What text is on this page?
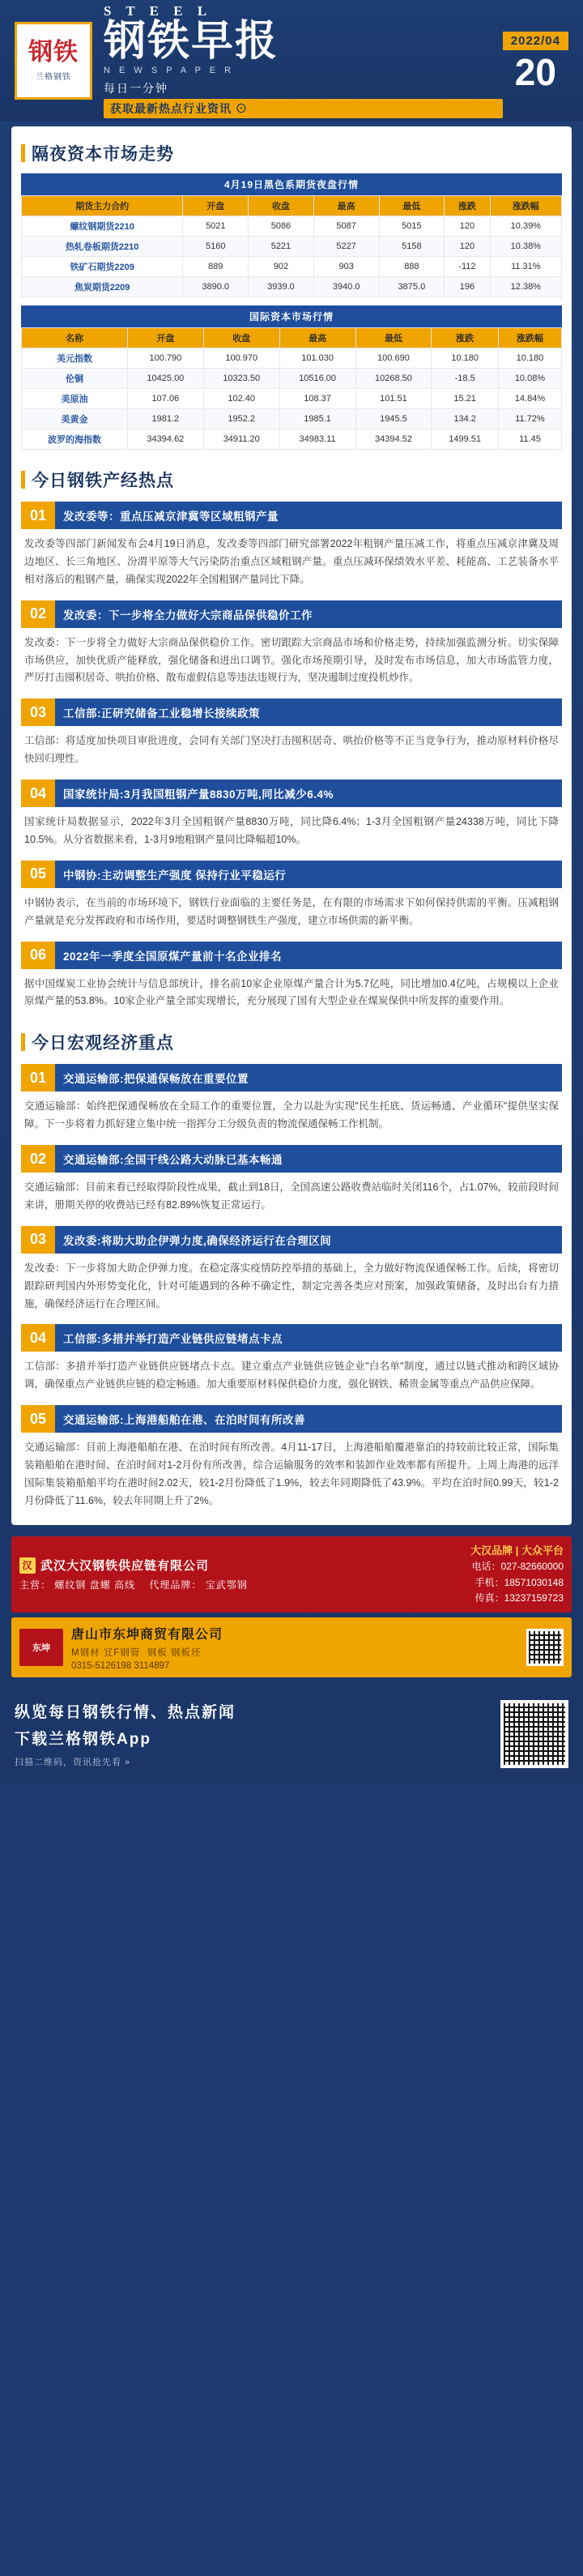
钢铁
兰格钢铁
S T E E L
钢铁早报
N E W S P A P E R
每日一分钟
获取最新热点行业资讯 ⊙
2022/04
20
隔夜资本市场走势
4月19日黑色系期货夜盘行情
期货主力合约	开盘	收盘	最高	最低	涨跌	涨跌幅
螺纹钢期货2210	5021	5086	5087	5015	120	10.39%
热轧卷板期货2210	5160	5221	5227	5158	120	10.38%
铁矿石期货2209	889	902	903	888	-112	11.31%
焦炭期货2209	3890.0	3939.0	3940.0	3875.0	196	12.38%
国际资本市场行情
名称	开盘	收盘	最高	最低	涨跌	涨跌幅
美元指数	100.790	100.970	101.030	100.690	10.180	10.180
伦铜	10425.00	10323.50	10516.00	10268.50	-18.5	10.08%
美原油	107.06	102.40	108.37	101.51	15.21	14.84%
美黄金	1981.2	1952.2	1985.1	1945.5	134.2	11.72%
波罗的海指数	34394.62	34911.20	34983.11	34394.52	1499.51	11.45
今日钢铁产经热点
01	发改委等：重点压减京津冀等区域粗钢产量
发改委等四部门新闻发布会4月19日消息，发改委等四部门研究部署2022年粗钢产量压减工作，将重点压减京津冀及周边地区、长三角地区、汾渭平原等大气污染防治重点区域粗钢产量。重点压减环保绩效水平差、耗能高、工艺装备水平相对落后的粗钢产量，确保实现2022年全国粗钢产量同比下降。
02	发改委：下一步将全力做好大宗商品保供稳价工作
发改委：下一步将全力做好大宗商品保供稳价工作。密切跟踪大宗商品市场和价格走势，持续加强监测分析。切实保障市场供应，加快优质产能释放，强化储备和进出口调节。强化市场预期引导，及时发布市场信息，加大市场监管力度，严厉打击囤积居奇、哄抬价格、散布虚假信息等违法违规行为，坚决遏制过度投机炒作。
03	工信部:正研究储备工业稳增长接续政策
工信部：将适度加快项目审批进度，会同有关部门坚决打击囤积居奇、哄抬价格等不正当竞争行为，推动原材料价格尽快回归理性。
04	国家统计局:3月我国粗钢产量8830万吨,同比减少6.4%
国家统计局数据显示，2022年3月全国粗钢产量8830万吨，同比降6.4%；1-3月全国粗钢产量24338万吨，同比下降10.5%。从分省数据来看，1-3月9地粗钢产量同比降幅超10%。
05	中钢协:主动调整生产强度 保持行业平稳运行
中钢协表示，在当前的市场环境下，钢铁行业面临的主要任务是，在有限的市场需求下如何保持供需的平衡。压减粗钢产量就是充分发挥政府和市场作用，要适时调整钢铁生产强度，建立市场供需的新平衡。
06	2022年一季度全国原煤产量前十名企业排名
据中国煤炭工业协会统计与信息部统计，排名前10家企业原煤产量合计为5.7亿吨，同比增加0.4亿吨，占规模以上企业原煤产量的53.8%。10家企业产量全部实现增长，充分展现了国有大型企业在煤炭保供中所发挥的重要作用。
今日宏观经济重点
01	交通运输部:把保通保畅放在重要位置
交通运输部：始终把保通保畅放在全局工作的重要位置，全力以赴为实现"民生托底、货运畅通、产业循环"提供坚实保障。下一步将着力抓好建立集中统一指挥分工分级负责的物流保通保畅工作机制。
02	交通运输部:全国干线公路大动脉已基本畅通
交通运输部：目前来看已经取得阶段性成果，截止到18日，全国高速公路收费站临时关闭116个，占1.07%，较前段时间来讲，册期关停的收费站已经有82.89%恢复正常运行。
03	发改委:将助大助企伊弹力度,确保经济运行在合理区间
发改委：下一步将加大助企伊弹力度。在稳定落实疫情防控举措的基础上，全力做好物流保通保畅工作。后续，将密切跟踪研判国内外形势变化化，针对可能遇到的各种不确定性，制定完善各类应对预案，加强政策储备，及时出台有力措施，确保经济运行在合理区间。
04	工信部:多措并举打造产业链供应链堵点卡点
工信部：多措并举打造产业链供应链堵点卡点。建立重点产业链供应链企业"白名单"制度，通过以链式推动和跨区域协调，确保重点产业链供应链的稳定畅通。加大重要原材料保供稳价力度，强化钢铁、稀贵金属等重点产品供应保障。
05	交通运输部:上海港船舶在港、在泊时间有所改善
交通运输部：目前上海港船舶在港、在泊时间有所改善。4月11-17日，上海港船舶覆港靠泊的持较前比较正常，国际集装箱船舶在港时间、在泊时间对1-2月份有所改善，综合运输服务的效率和装卸作业效率都有所提升。上周上海港的远洋国际集装箱船舶平均在港时间2.02天，较1-2月份降低了1.9%，较去年同期降低了43.9%。平均在泊时间0.99天，较1-2月份降低了11.6%，较去年同期上升了2%。
汉 武汉大汉钢铁供应链有限公司
主营： 螺纹钢 盘螺 高线 代理品牌： 宝武鄂钢
大汉品牌 | 大众平台
电话：027-82660000
手机：18571030148
传真：13237159723
东坤
唐山市东坤商贸有限公司
M钢材 冝F钢管 钢板 钢板坯
0315-5126198 3114897
纵览每日钢铁行情、热点新闻
下载兰格钢铁App
扫描二维码，资讯抢先看 »
